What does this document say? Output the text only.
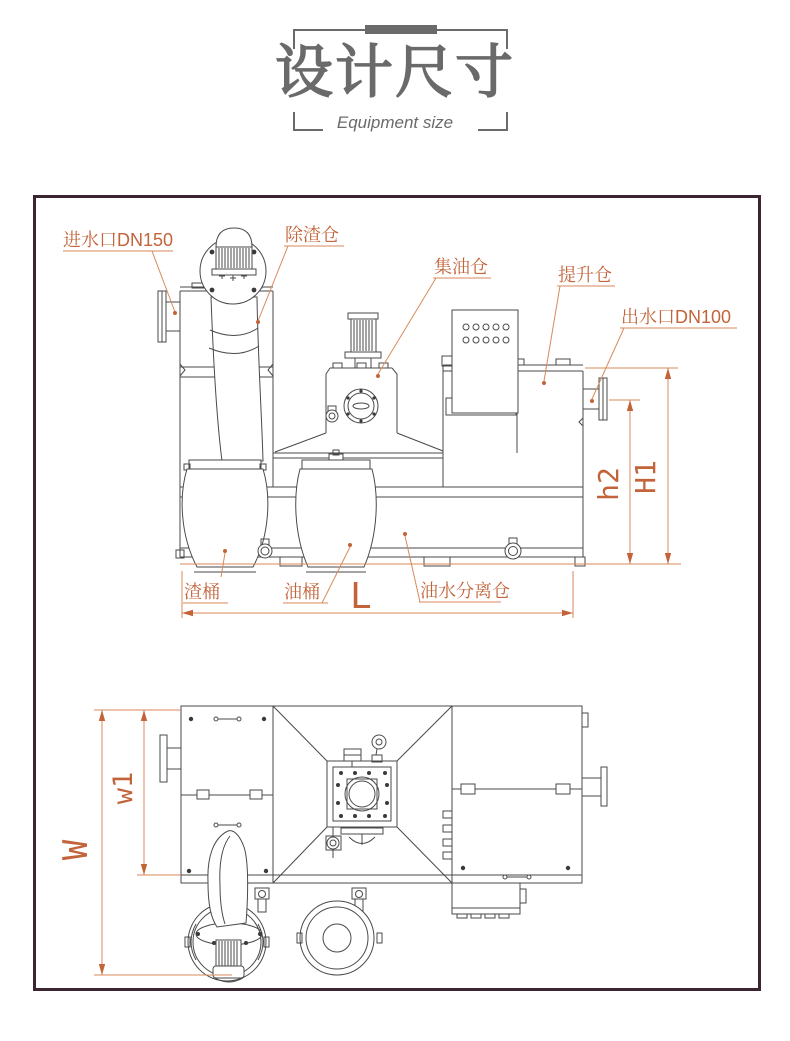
设计尺寸
Equipment size
进水口DN150	除渣仓
集油仓	提升仓
出水口DN100
渣桶	油桶	油水分离仓
L
h2 H1
W
w1
